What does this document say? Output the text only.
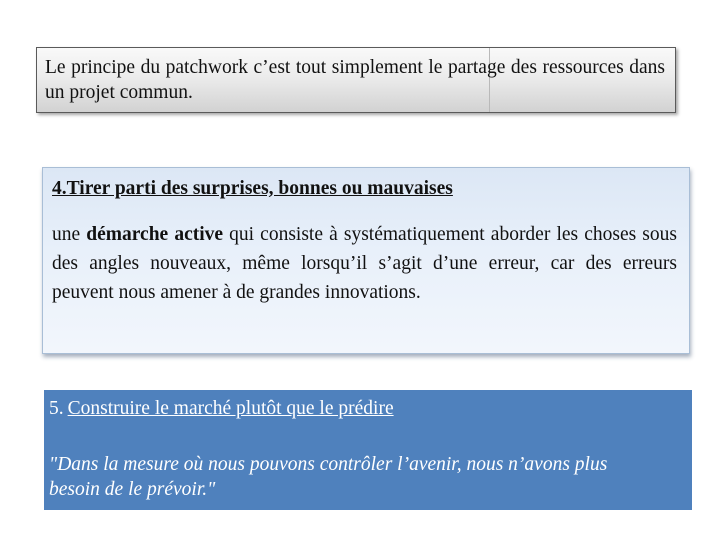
Le principe du patchwork c’est tout simplement le partage des ressources dans un projet commun.

4.Tirer parti des surprises, bonnes ou mauvaises

une démarche active qui consiste à systématiquement aborder les choses sous des angles nouveaux, même lorsqu’il s’agit d’une erreur, car des erreurs peuvent nous amener à de grandes innovations.

5. Construire le marché plutôt que le prédire

"Dans la mesure où nous pouvons contrôler l’avenir, nous n’avons plus besoin de le prévoir."
